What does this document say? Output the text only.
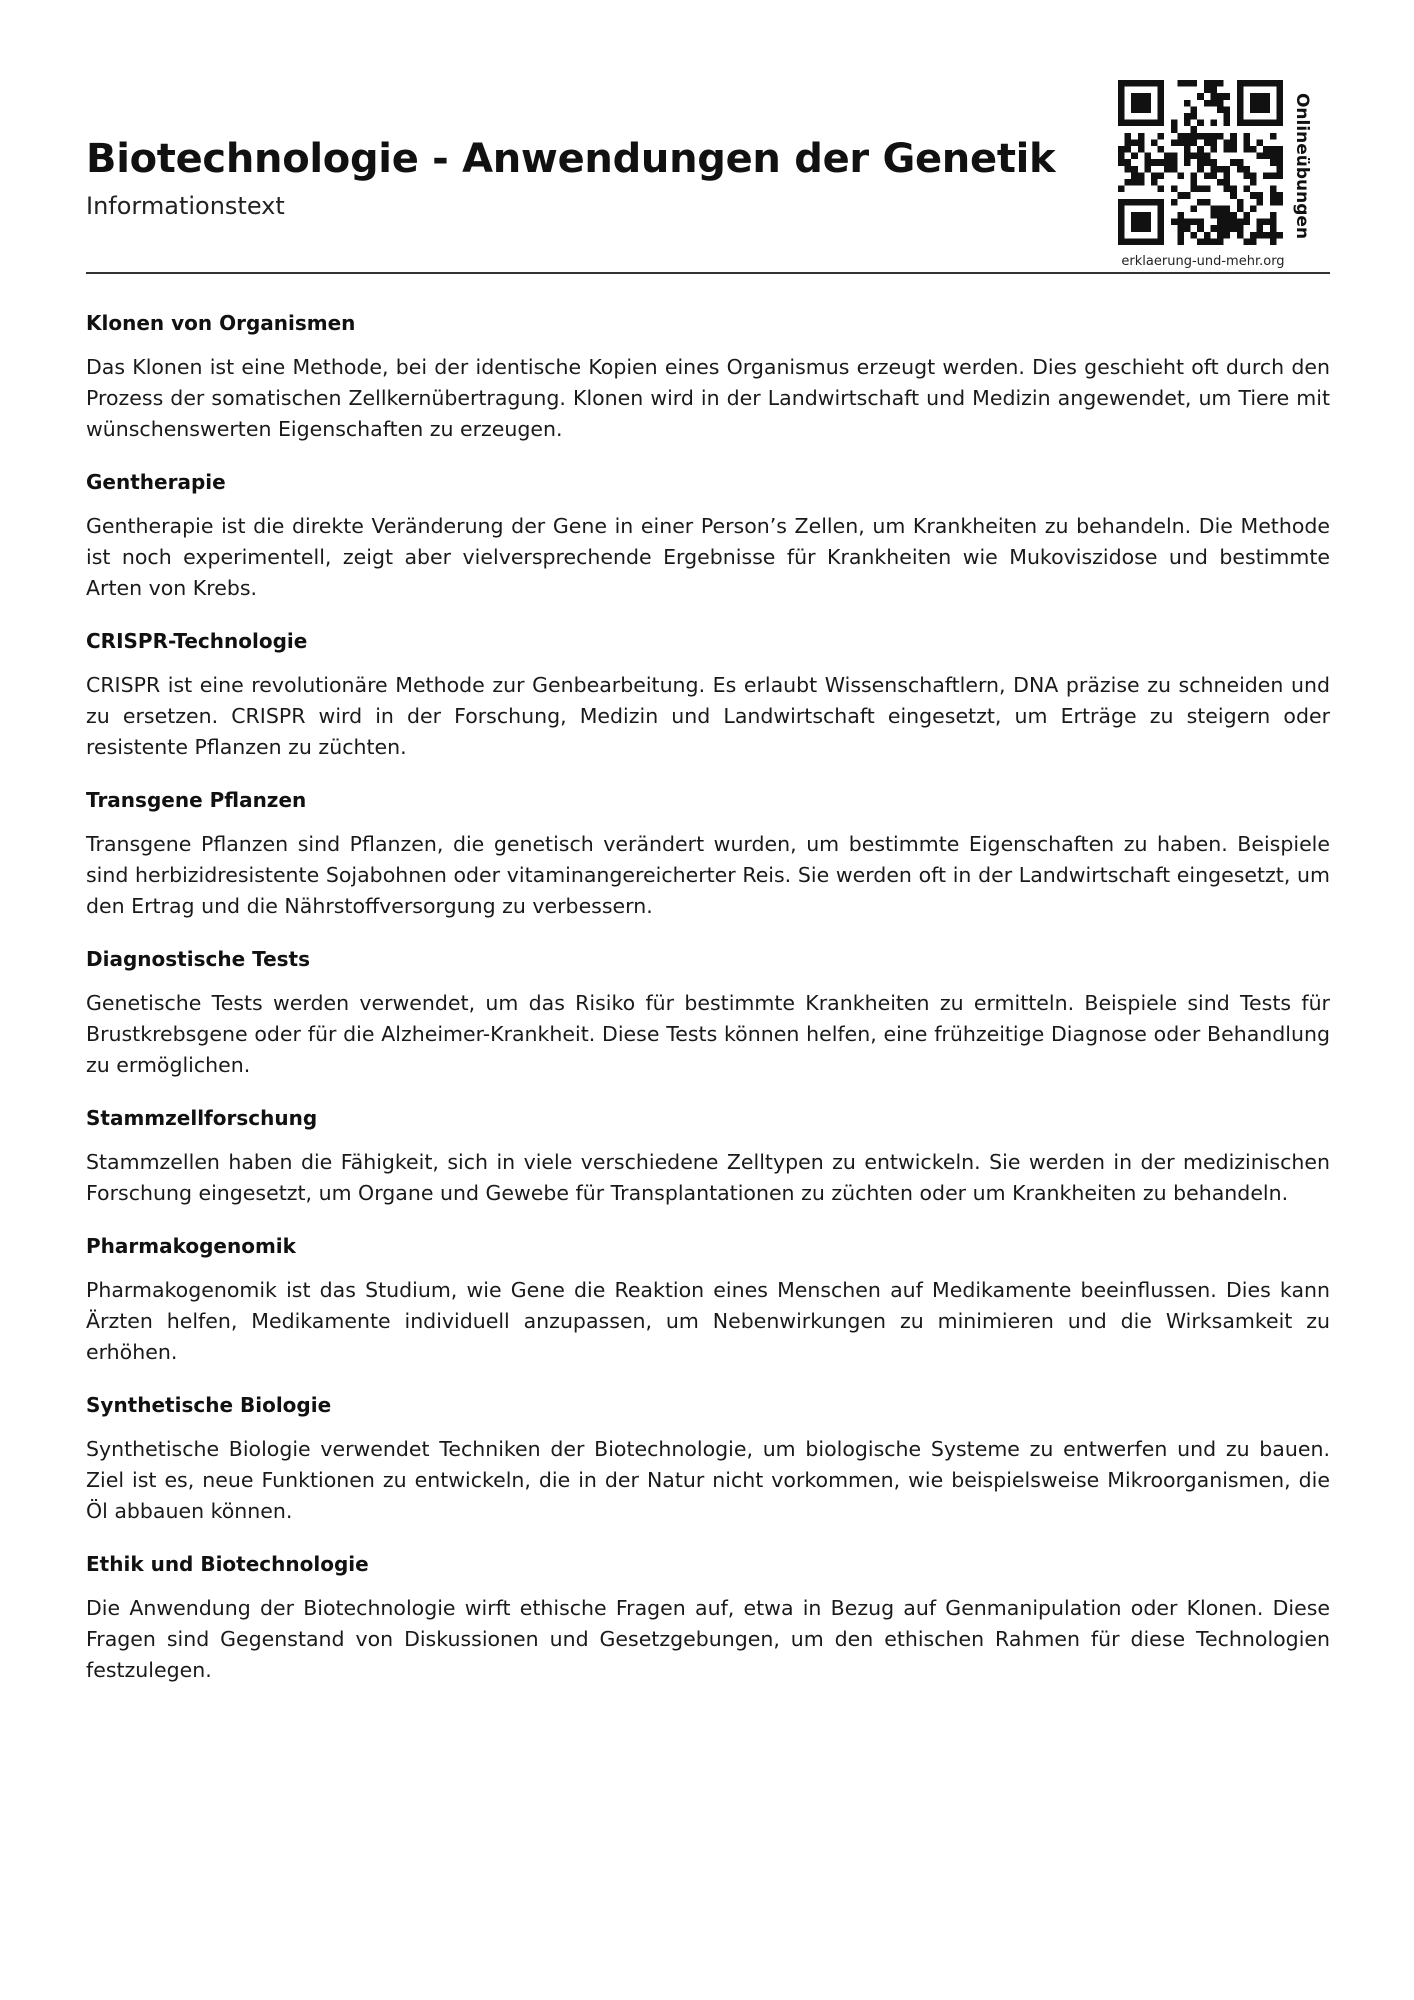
Biotechnologie - Anwendungen der Genetik
Informationstext
erklaerung-und-mehr.org
Onlineübungen
Klonen von Organismen

Das Klonen ist eine Methode, bei der identische Kopien eines Organismus erzeugt werden. Dies geschieht oft durch den Prozess der somatischen Zellkernübertragung. Klonen wird in der Landwirtschaft und Medizin angewendet, um Tiere mit wünschenswerten Eigenschaften zu erzeugen.

Gentherapie

Gentherapie ist die direkte Veränderung der Gene in einer Person’s Zellen, um Krankheiten zu behandeln. Die Methode ist noch experimentell, zeigt aber vielversprechende Ergebnisse für Krankheiten wie Mukoviszidose und bestimmte Arten von Krebs.

CRISPR-Technologie

CRISPR ist eine revolutionäre Methode zur Genbearbeitung. Es erlaubt Wissenschaftlern, DNA präzise zu schneiden und zu ersetzen. CRISPR wird in der Forschung, Medizin und Landwirtschaft eingesetzt, um Erträge zu steigern oder resistente Pflanzen zu züchten.

Transgene Pflanzen

Transgene Pflanzen sind Pflanzen, die genetisch verändert wurden, um bestimmte Eigenschaften zu haben. Beispiele sind herbizidresistente Sojabohnen oder vitaminangereicherter Reis. Sie werden oft in der Landwirtschaft eingesetzt, um den Ertrag und die Nährstoffversorgung zu verbessern.

Diagnostische Tests

Genetische Tests werden verwendet, um das Risiko für bestimmte Krankheiten zu ermitteln. Beispiele sind Tests für Brustkrebsgene oder für die Alzheimer-Krankheit. Diese Tests können helfen, eine frühzeitige Diagnose oder Behandlung zu ermöglichen.

Stammzellforschung

Stammzellen haben die Fähigkeit, sich in viele verschiedene Zelltypen zu entwickeln. Sie werden in der medizinischen Forschung eingesetzt, um Organe und Gewebe für Transplantationen zu züchten oder um Krankheiten zu behandeln.

Pharmakogenomik

Pharmakogenomik ist das Studium, wie Gene die Reaktion eines Menschen auf Medikamente beeinflussen. Dies kann Ärzten helfen, Medikamente individuell anzupassen, um Nebenwirkungen zu minimieren und die Wirksamkeit zu erhöhen.

Synthetische Biologie

Synthetische Biologie verwendet Techniken der Biotechnologie, um biologische Systeme zu entwerfen und zu bauen. Ziel ist es, neue Funktionen zu entwickeln, die in der Natur nicht vorkommen, wie beispielsweise Mikroorganismen, die Öl abbauen können.

Ethik und Biotechnologie

Die Anwendung der Biotechnologie wirft ethische Fragen auf, etwa in Bezug auf Genmanipulation oder Klonen. Diese Fragen sind Gegenstand von Diskussionen und Gesetzgebungen, um den ethischen Rahmen für diese Technologien festzulegen.
